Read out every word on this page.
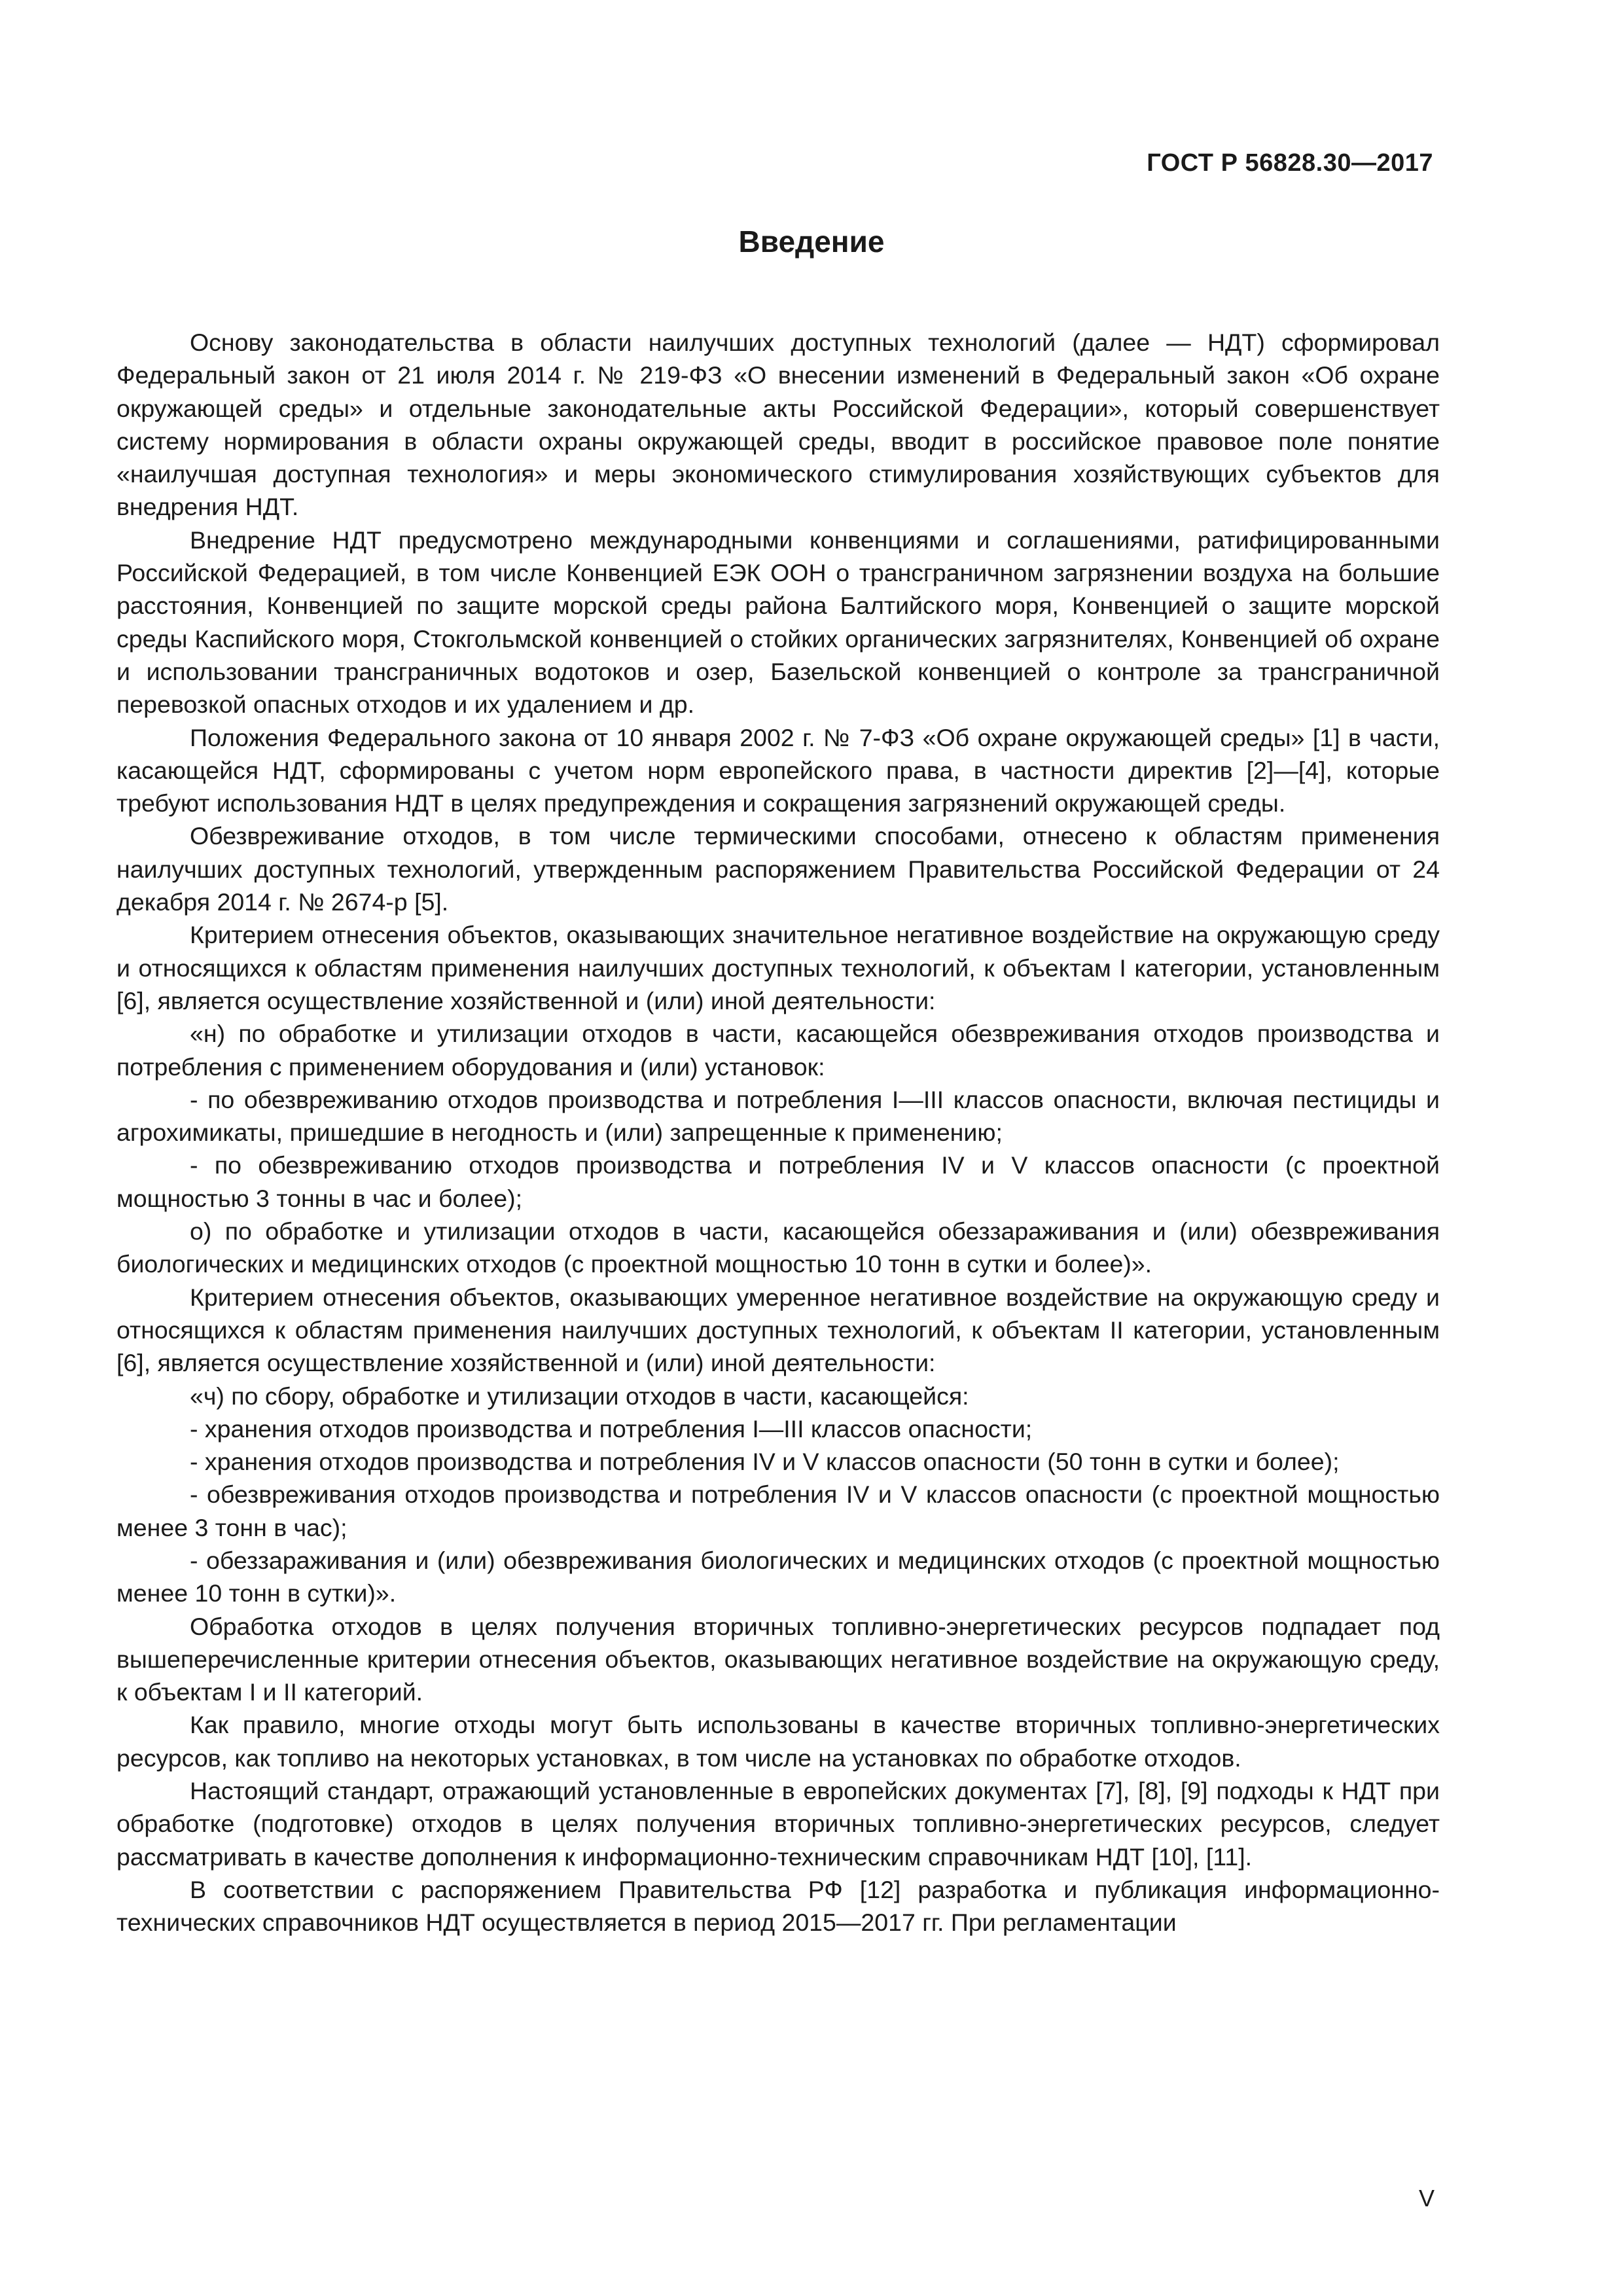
ГОСТ Р 56828.30—2017
Введение

Основу законодательства в области наилучших доступных технологий (далее — НДТ) сформировал Федеральный закон от 21 июля 2014 г. № 219-ФЗ «О внесении изменений в Федеральный закон «Об охране окружающей среды» и отдельные законодательные акты Российской Федерации», который совершенствует систему нормирования в области охраны окружающей среды, вводит в российское правовое поле понятие «наилучшая доступная технология» и меры экономического стимулирования хозяйствующих субъектов для внедрения НДТ.

Внедрение НДТ предусмотрено международными конвенциями и соглашениями, ратифицированными Российской Федерацией, в том числе Конвенцией ЕЭК ООН о трансграничном загрязнении воздуха на большие расстояния, Конвенцией по защите морской среды района Балтийского моря, Конвенцией о защите морской среды Каспийского моря, Стокгольмской конвенцией о стойких органических загрязнителях, Конвенцией об охране и использовании трансграничных водотоков и озер, Базельской конвенцией о контроле за трансграничной перевозкой опасных отходов и их удалением и др.

Положения Федерального закона от 10 января 2002 г. № 7-ФЗ «Об охране окружающей среды» [1] в части, касающейся НДТ, сформированы с учетом норм европейского права, в частности директив [2]—[4], которые требуют использования НДТ в целях предупреждения и сокращения загрязнений окружающей среды.

Обезвреживание отходов, в том числе термическими способами, отнесено к областям применения наилучших доступных технологий, утвержденным распоряжением Правительства Российской Федерации от 24 декабря 2014 г. № 2674-р [5].

Критерием отнесения объектов, оказывающих значительное негативное воздействие на окружающую среду и относящихся к областям применения наилучших доступных технологий, к объектам I категории, установленным [6], является осуществление хозяйственной и (или) иной деятельности:

«н) по обработке и утилизации отходов в части, касающейся обезвреживания отходов производства и потребления с применением оборудования и (или) установок:

- по обезвреживанию отходов производства и потребления I—III классов опасности, включая пестициды и агрохимикаты, пришедшие в негодность и (или) запрещенные к применению;

- по обезвреживанию отходов производства и потребления IV и V классов опасности (с проектной мощностью 3 тонны в час и более);

о) по обработке и утилизации отходов в части, касающейся обеззараживания и (или) обезвреживания биологических и медицинских отходов (с проектной мощностью 10 тонн в сутки и более)».

Критерием отнесения объектов, оказывающих умеренное негативное воздействие на окружающую среду и относящихся к областям применения наилучших доступных технологий, к объектам II категории, установленным [6], является осуществление хозяйственной и (или) иной деятельности:

«ч) по сбору, обработке и утилизации отходов в части, касающейся:

- хранения отходов производства и потребления I—III классов опасности;

- хранения отходов производства и потребления IV и V классов опасности (50 тонн в сутки и более);

- обезвреживания отходов производства и потребления IV и V классов опасности (с проектной мощностью менее 3 тонн в час);

- обеззараживания и (или) обезвреживания биологических и медицинских отходов (с проектной мощностью менее 10 тонн в сутки)».

Обработка отходов в целях получения вторичных топливно-энергетических ресурсов подпадает под вышеперечисленные критерии отнесения объектов, оказывающих негативное воздействие на окружающую среду, к объектам I и II категорий.

Как правило, многие отходы могут быть использованы в качестве вторичных топливно-энергетических ресурсов, как топливо на некоторых установках, в том числе на установках по обработке отходов.

Настоящий стандарт, отражающий установленные в европейских документах [7], [8], [9] подходы к НДТ при обработке (подготовке) отходов в целях получения вторичных топливно-энергетических ресурсов, следует рассматривать в качестве дополнения к информационно-техническим справочникам НДТ [10], [11].

В соответствии с распоряжением Правительства РФ [12] разработка и публикация информационно-технических справочников НДТ осуществляется в период 2015—2017 гг. При регламентации

V
